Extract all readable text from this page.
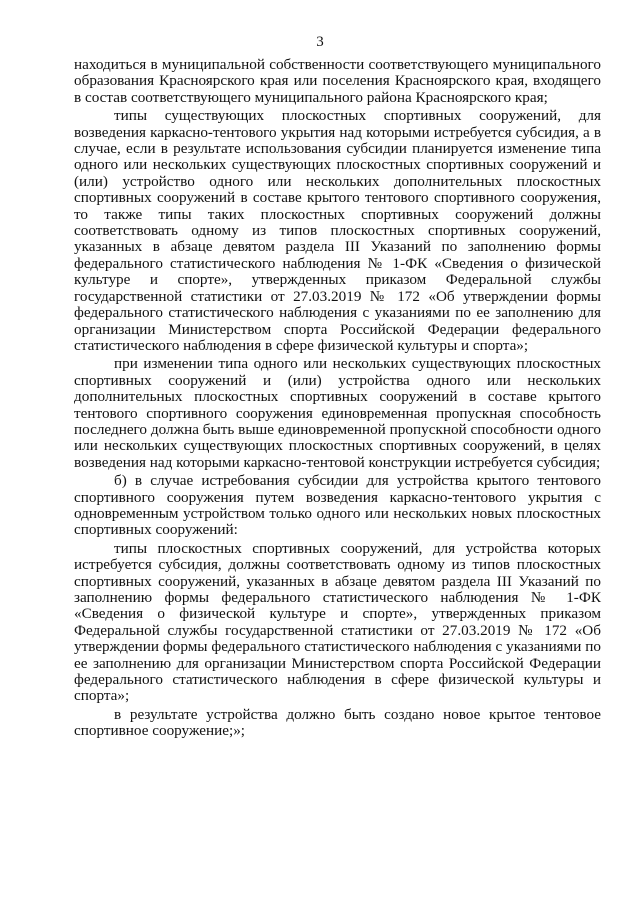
3

находиться в муниципальной собственности соответствующего муниципального образования Красноярского края или поселения Красноярского края, входящего в состав соответствующего муниципального района Красноярского края;

типы существующих плоскостных спортивных сооружений, для возведения каркасно-тентового укрытия над которыми истребуется субсидия, а в случае, если в результате использования субсидии планируется изменение типа одного или нескольких существующих плоскостных спортивных сооружений и (или) устройство одного или нескольких дополнительных плоскостных спортивных сооружений в составе крытого тентового спортивного сооружения, то также типы таких плоскостных спортивных сооружений должны соответствовать одному из типов плоскостных спортивных сооружений, указанных в абзаце девятом раздела III Указаний по заполнению формы федерального статистического наблюдения № 1-ФК «Сведения о физической культуре и спорте», утвержденных приказом Федеральной службы государственной статистики от 27.03.2019 № 172 «Об утверждении формы федерального статистического наблюдения с указаниями по ее заполнению для организации Министерством спорта Российской Федерации федерального статистического наблюдения в сфере физической культуры и спорта»;

при изменении типа одного или нескольких существующих плоскостных спортивных сооружений и (или) устройства одного или нескольких дополнительных плоскостных спортивных сооружений в составе крытого тентового спортивного сооружения единовременная пропускная способность последнего должна быть выше единовременной пропускной способности одного или нескольких существующих плоскостных спортивных сооружений, в целях возведения над которыми каркасно-тентовой конструкции истребуется субсидия;

б) в случае истребования субсидии для устройства крытого тентового спортивного сооружения путем возведения каркасно-тентового укрытия с одновременным устройством только одного или нескольких новых плоскостных спортивных сооружений:

типы плоскостных спортивных сооружений, для устройства которых истребуется субсидия, должны соответствовать одному из типов плоскостных спортивных сооружений, указанных в абзаце девятом раздела III Указаний по заполнению формы федерального статистического наблюдения № 1-ФК «Сведения о физической культуре и спорте», утвержденных приказом Федеральной службы государственной статистики от 27.03.2019 № 172 «Об утверждении формы федерального статистического наблюдения с указаниями по ее заполнению для организации Министерством спорта Российской Федерации федерального статистического наблюдения в сфере физической культуры и спорта»;

в результате устройства должно быть создано новое крытое тентовое спортивное сооружение;»;
